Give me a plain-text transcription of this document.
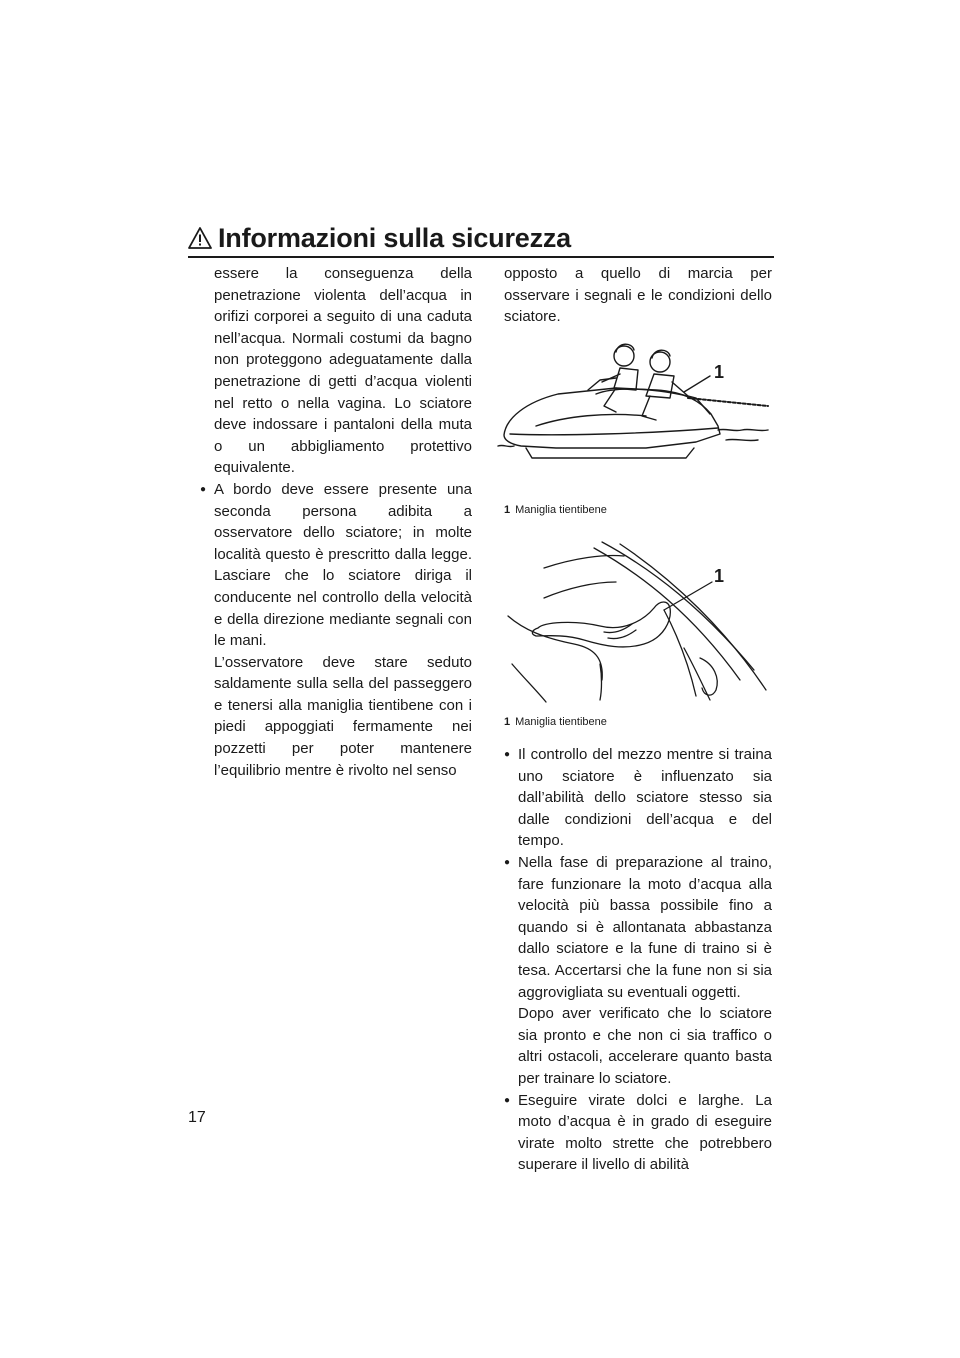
Informazioni sulla sicurezza

essere la conseguenza della penetrazione violenta dell’acqua in orifizi corporei a seguito di una caduta nell’acqua. Normali costumi da bagno non proteggono adeguatamente dalla penetrazione di getti d’acqua violenti nel retto o nella vagina. Lo sciatore deve indossare i pantaloni della muta o un abbigliamento protettivo equivalente.

● A bordo deve essere presente una seconda persona adibita a osservatore dello sciatore; in molte località questo è prescritto dalla legge. Lasciare che lo sciatore diriga il conducente nel controllo della velocità e della direzione mediante segnali con le mani.

L’osservatore deve stare seduto saldamente sulla sella del passeggero e tenersi alla maniglia tientibene con i piedi appoggiati fermamente nei pozzetti per poter mantenere l’equilibrio mentre è rivolto nel senso

opposto a quello di marcia per osservare i segnali e le condizioni dello sciatore.

1
1 Maniglia tientibene
1
1 Maniglia tientibene

● Il controllo del mezzo mentre si traina uno sciatore è influenzato sia dall’abilità dello sciatore stesso sia dalle condizioni dell’acqua e del tempo.

● Nella fase di preparazione al traino, fare funzionare la moto d’acqua alla velocità più bassa possibile fino a quando si è allontanata abbastanza dallo sciatore e la fune di traino si è tesa. Accertarsi che la fune non si sia aggrovigliata su eventuali oggetti.

Dopo aver verificato che lo sciatore sia pronto e che non ci sia traffico o altri ostacoli, accelerare quanto basta per trainare lo sciatore.

● Eseguire virate dolci e larghe. La moto d’acqua è in grado di eseguire virate molto strette che potrebbero superare il livello di abilità

17
